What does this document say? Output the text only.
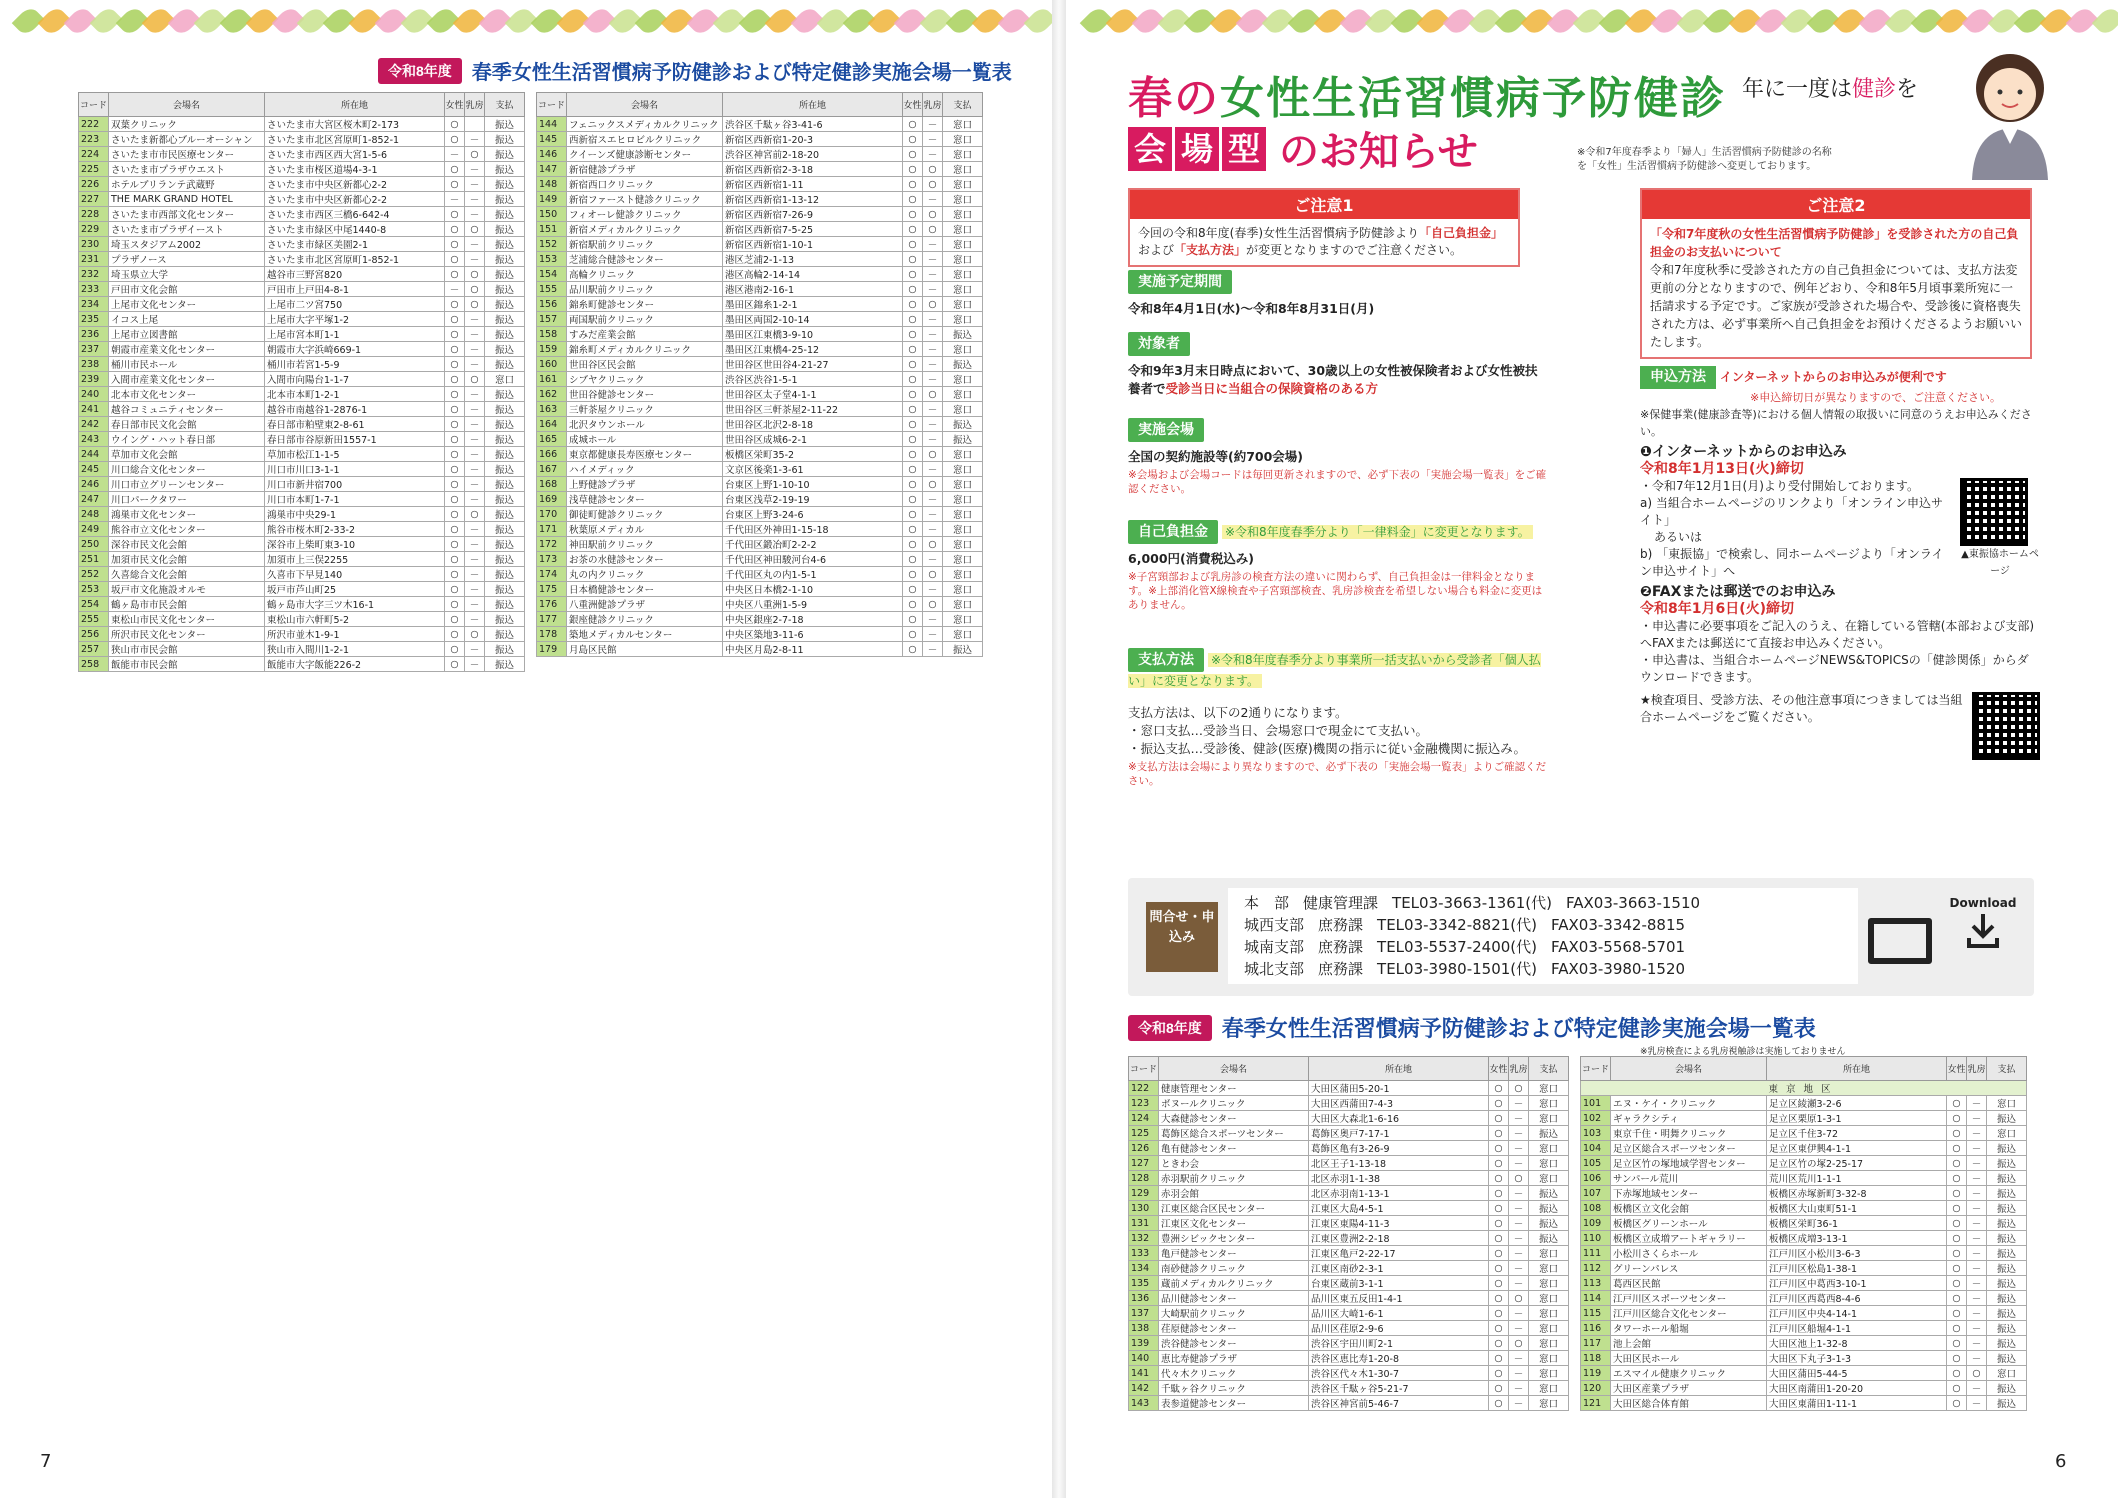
令和8年度	春季女性生活習慣病予防健診および特定健診実施会場一覧表
コード	会場名	所在地	女性	乳房	支払
222	双葉クリニック	さいたま市大宮区桜木町2-173	○		振込
223	さいたま新都心ブルーオーシャン	さいたま市北区宮原町1-852-1	○	－	振込
224	さいたま市市民医療センター	さいたま市西区西大宮1-5-6	－	○	振込
225	さいたま市プラザウエスト	さいたま市桜区道場4-3-1	○	－	振込
226	ホテルブリランテ武蔵野	さいたま市中央区新都心2-2	○	－	振込
227	THE MARK GRAND HOTEL	さいたま市中央区新都心2-2	－	－	振込
228	さいたま市西部文化センター	さいたま市西区三橋6-642-4	○	－	振込
229	さいたま市プラザイースト	さいたま市緑区中尾1440-8	○	○	振込
230	埼玉スタジアム2002	さいたま市緑区美園2-1	○	－	振込
231	プラザノース	さいたま市北区宮原町1-852-1	○	－	振込
232	埼玉県立大学	越谷市三野宮820	○	○	振込
233	戸田市文化会館	戸田市上戸田4-8-1	－	○	振込
234	上尾市文化センター	上尾市二ツ宮750	○	○	振込
235	イコス上尾	上尾市大字平塚1-2	○	－	振込
236	上尾市立図書館	上尾市宮本町1-1	○	－	振込
237	朝霞市産業文化センター	朝霞市大字浜崎669-1	○	－	振込
238	桶川市民ホール	桶川市若宮1-5-9	○	－	振込
239	入間市産業文化センター	入間市向陽台1-1-7	○	○	窓口
240	北本市文化センター	北本市本町1-2-1	○	－	振込
241	越谷コミュニティセンター	越谷市南越谷1-2876-1	○	－	振込
242	春日部市民文化会館	春日部市粕壁東2-8-61	○	－	振込
243	ウイング・ハット春日部	春日部市谷原新田1557-1	○	－	振込
244	草加市文化会館	草加市松江1-1-5	○	－	振込
245	川口総合文化センター	川口市川口3-1-1	○	－	振込
246	川口市立グリーンセンター	川口市新井宿700	○	－	振込
247	川口パークタワー	川口市本町1-7-1	○	－	振込
248	鴻巣市文化センター	鴻巣市中央29-1	○	○	振込
249	熊谷市立文化センター	熊谷市桜木町2-33-2	○	－	振込
250	深谷市民文化会館	深谷市上柴町東3-10	○	－	振込
251	加須市民文化会館	加須市上三俣2255	○	－	振込
252	久喜総合文化会館	久喜市下早見140	○	－	振込
253	坂戸市文化施設オルモ	坂戸市芦山町25	○	－	振込
254	鶴ヶ島市市民会館	鶴ヶ島市大字三ツ木16-1	○	－	振込
255	東松山市民文化センター	東松山市六軒町5-2	○	－	振込
256	所沢市民文化センター	所沢市並木1-9-1	○	○	振込
257	狭山市市民会館	狭山市入間川1-2-1	○	－	振込
258	飯能市市民会館	飯能市大字飯能226-2	○	－	振込
コード	会場名	所在地	女性	乳房	支払
144	フェニックスメディカルクリニック	渋谷区千駄ヶ谷3-41-6	○	－	窓口
145	西新宿スエヒロビルクリニック	新宿区西新宿1-20-3	○	－	窓口
146	クイーンズ健康診断センター	渋谷区神宮前2-18-20	○	－	窓口
147	新宿健診プラザ	新宿区西新宿2-3-18	○	○	窓口
148	新宿西口クリニック	新宿区西新宿1-11	○	○	窓口
149	新宿ファースト健診クリニック	新宿区西新宿1-13-12	○	－	窓口
150	フィオーレ健診クリニック	新宿区西新宿7-26-9	○	○	窓口
151	新宿メディカルクリニック	新宿区西新宿7-5-25	○	○	窓口
152	新宿駅前クリニック	新宿区西新宿1-10-1	○	－	窓口
153	芝浦総合健診センター	港区芝浦2-1-13	○	－	窓口
154	高輪クリニック	港区高輪2-14-14	○	－	窓口
155	品川駅前クリニック	港区港南2-16-1	○	－	窓口
156	錦糸町健診センター	墨田区錦糸1-2-1	○	○	窓口
157	両国駅前クリニック	墨田区両国2-10-14	○	－	窓口
158	すみだ産業会館	墨田区江東橋3-9-10	○	－	振込
159	錦糸町メディカルクリニック	墨田区江東橋4-25-12	○	－	窓口
160	世田谷区民会館	世田谷区世田谷4-21-27	○	－	振込
161	シブヤクリニック	渋谷区渋谷1-5-1	○	－	窓口
162	世田谷健診センター	世田谷区太子堂4-1-1	○	○	窓口
163	三軒茶屋クリニック	世田谷区三軒茶屋2-11-22	○	－	窓口
164	北沢タウンホール	世田谷区北沢2-8-18	○	－	振込
165	成城ホール	世田谷区成城6-2-1	○	－	振込
166	東京都健康長寿医療センター	板橋区栄町35-2	○	○	窓口
167	ハイメディック	文京区後楽1-3-61	○	－	窓口
168	上野健診プラザ	台東区上野1-10-10	○	○	窓口
169	浅草健診センター	台東区浅草2-19-19	○	－	窓口
170	御徒町健診クリニック	台東区上野3-24-6	○	－	窓口
171	秋葉原メディカル	千代田区外神田1-15-18	○	－	窓口
172	神田駅前クリニック	千代田区鍛冶町2-2-2	○	○	窓口
173	お茶の水健診センター	千代田区神田駿河台4-6	○	－	窓口
174	丸の内クリニック	千代田区丸の内1-5-1	○	○	窓口
175	日本橋健診センター	中央区日本橋2-1-10	○	－	窓口
176	八重洲健診プラザ	中央区八重洲1-5-9	○	○	窓口
177	銀座健診クリニック	中央区銀座2-7-18	○	－	窓口
178	築地メディカルセンター	中央区築地3-11-6	○	－	窓口
179	月島区民館	中央区月島2-8-11	○	－	振込
7
春の女性生活習慣病予防健診
会 場 型 のお知らせ
年に一度は健診を
※令和7年度春季より「婦人」生活習慣病予防健診の名称を「女性」生活習慣病予防健診へ変更しております。
ご注意1
今回の令和8年度(春季)女性生活習慣病予防健診より「自己負担金」および「支払方法」が変更となりますのでご注意ください。
実施予定期間
令和8年4月1日(水)〜令和8年8月31日(月)
対象者
令和9年3月末日時点において、30歳以上の女性被保険者および女性被扶養者で受診当日に当組合の保険資格のある方
実施会場
全国の契約施設等(約700会場)
※会場および会場コードは毎回更新されますので、必ず下表の「実施会場一覧表」をご確認ください。
自己負担金 ※令和8年度春季分より「一律料金」に変更となります。
6,000円(消費税込み)
※子宮頸部および乳房診の検査方法の違いに関わらず、自己負担金は一律料金となります。※上部消化管X線検査や子宮頸部検査、乳房診検査を希望しない場合も料金に変更はありません。
支払方法 ※令和8年度春季分より事業所一括支払いから受診者「個人払い」に変更となります。
支払方法は、以下の2通りになります。
・窓口支払…受診当日、会場窓口で現金にて支払い。
・振込支払…受診後、健診(医療)機関の指示に従い金融機関に振込み。
※支払方法は会場により異なりますので、必ず下表の「実施会場一覧表」よりご確認ください。
ご注意2
「令和7年度秋の女性生活習慣病予防健診」を受診された方の自己負担金のお支払いについて
令和7年度秋季に受診された方の自己負担金については、支払方法変更前の分となりますので、例年どおり、令和8年5月頃事業所宛に一括請求する予定です。ご家族が受診された場合や、受診後に資格喪失された方は、必ず事業所へ自己負担金をお預けくださるようお願いいたします。
申込方法 インターネットからのお申込みが便利です
※申込締切日が異なりますので、ご注意ください。
※保健事業(健康診査等)における個人情報の取扱いに同意のうえお申込みください。
❶インターネットからのお申込み
令和8年1月13日(火)締切
・令和7年12月1日(月)より受付開始しております。
a) 当組合ホームページのリンクより「オンライン申込サイト」
あるいは
b) 「東振協」で検索し、同ホームページより「オンライン申込サイト」へ
▲東振協ホームページ
❷FAXまたは郵送でのお申込み
令和8年1月6日(火)締切
・申込書に必要事項をご記入のうえ、在籍している管轄(本部および支部)へFAXまたは郵送にて直接お申込みください。
・申込書は、当組合ホームページNEWS&TOPICSの「健診関係」からダウンロードできます。
★検査項目、受診方法、その他注意事項につきましては当組合ホームページをご覧ください。
問合せ・申込み
本　部 健康管理課 TEL03-3663-1361(代) FAX03-3663-1510
城西支部 庶務課 TEL03-3342-8821(代) FAX03-3342-8815
城南支部 庶務課 TEL03-5537-2400(代) FAX03-5568-5701
城北支部 庶務課 TEL03-3980-1501(代) FAX03-3980-1520
Download
令和8年度 春季女性生活習慣病予防健診および特定健診実施会場一覧表
※乳房検査による乳房視触診は実施しておりません
コード	会場名	所在地	女性	乳房	支払
122	健康管理センター	大田区蒲田5-20-1	○	○	窓口
123	ボヌールクリニック	大田区西蒲田7-4-3	○	－	窓口
124	大森健診センター	大田区大森北1-6-16	○	－	窓口
125	葛飾区総合スポーツセンター	葛飾区奥戸7-17-1	○	－	振込
126	亀有健診センター	葛飾区亀有3-26-9	○	－	窓口
127	ときわ会	北区王子1-13-18	○	－	窓口
128	赤羽駅前クリニック	北区赤羽1-1-38	○	○	窓口
129	赤羽会館	北区赤羽南1-13-1	○	－	振込
130	江東区総合区民センター	江東区大島4-5-1	○	－	振込
131	江東区文化センター	江東区東陽4-11-3	○	－	振込
132	豊洲シビックセンター	江東区豊洲2-2-18	○	－	振込
133	亀戸健診センター	江東区亀戸2-22-17	○	－	窓口
134	南砂健診クリニック	江東区南砂2-3-1	○	－	窓口
135	蔵前メディカルクリニック	台東区蔵前3-1-1	○	－	窓口
136	品川健診センター	品川区東五反田1-4-1	○	○	窓口
137	大崎駅前クリニック	品川区大崎1-6-1	○	－	窓口
138	荏原健診センター	品川区荏原2-9-6	○	－	窓口
139	渋谷健診センター	渋谷区宇田川町2-1	○	○	窓口
140	恵比寿健診プラザ	渋谷区恵比寿1-20-8	○	－	窓口
141	代々木クリニック	渋谷区代々木1-30-7	○	－	窓口
142	千駄ヶ谷クリニック	渋谷区千駄ヶ谷5-21-7	○	－	窓口
143	表参道健診センター	渋谷区神宮前5-46-7	○	－	窓口
コード	会場名	所在地	女性	乳房	支払
東京地区					
101	エヌ・ケイ・クリニック	足立区綾瀬3-2-6	○	－	窓口
102	ギャラクシティ	足立区栗原1-3-1	○	－	振込
103	東京千住・明舞クリニック	足立区千住3-72	○	－	窓口
104	足立区総合スポーツセンター	足立区東伊興4-1-1	○	－	振込
105	足立区竹の塚地域学習センター	足立区竹の塚2-25-17	○	－	振込
106	サンパール荒川	荒川区荒川1-1-1	○	－	振込
107	下赤塚地域センター	板橋区赤塚新町3-32-8	○	－	振込
108	板橋区立文化会館	板橋区大山東町51-1	○	－	振込
109	板橋区グリーンホール	板橋区栄町36-1	○	－	振込
110	板橋区立成増アートギャラリー	板橋区成増3-13-1	○	－	振込
111	小松川さくらホール	江戸川区小松川3-6-3	○	－	振込
112	グリーンパレス	江戸川区松島1-38-1	○	－	振込
113	葛西区民館	江戸川区中葛西3-10-1	○	－	振込
114	江戸川区スポーツセンター	江戸川区西葛西8-4-6	○	－	振込
115	江戸川区総合文化センター	江戸川区中央4-14-1	○	－	振込
116	タワーホール船堀	江戸川区船堀4-1-1	○	－	振込
117	池上会館	大田区池上1-32-8	○	－	振込
118	大田区民ホール	大田区下丸子3-1-3	○	－	振込
119	エスマイル健康クリニック	大田区蒲田5-44-5	○	○	窓口
120	大田区産業プラザ	大田区南蒲田1-20-20	○	－	振込
121	大田区総合体育館	大田区東蒲田1-11-1	○	－	振込
6
